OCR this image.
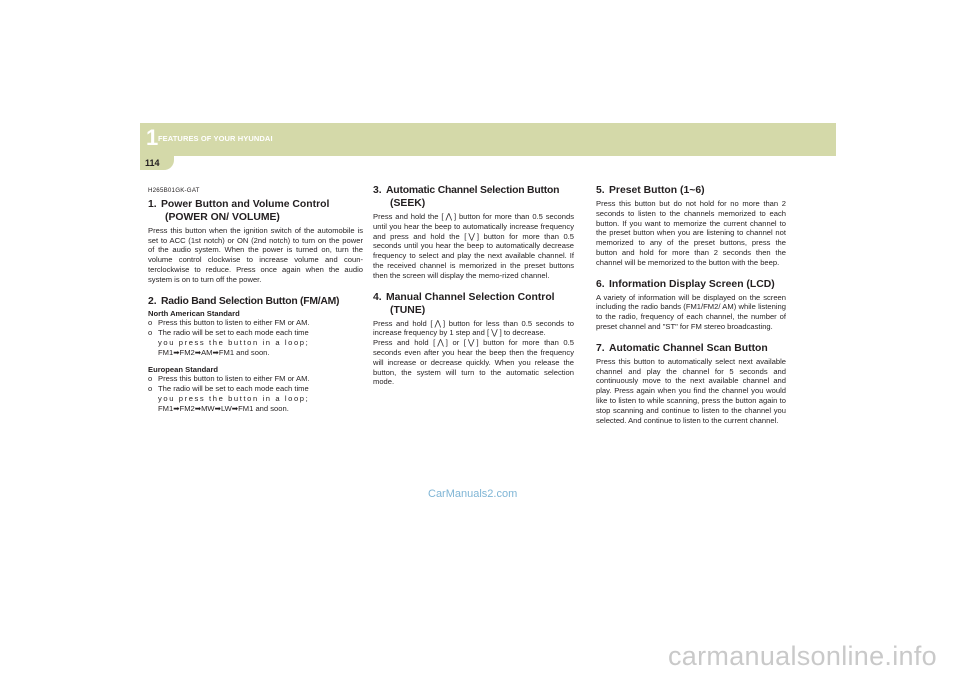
1 FEATURES OF YOUR HYUNDAI
114
H265B01GK-GAT
1. Power Button and Volume Control
(POWER ON/ VOLUME)
Press this button when the ignition switch of the automobile is set to ACC (1st notch) or ON (2nd notch) to turn on the power of the audio system. When the power is turned on, turn the volume control clockwise to increase volume and coun-terclockwise to reduce. Press once again when the audio system is on to turn off the power.
2. Radio Band Selection Button (FM/AM)
North American Standard
o Press this button to listen to either FM or AM.
o The radio will be set to each mode each time
you press the button in a loop;
FM1➡FM2➡AM➡FM1 and soon.
European Standard
o Press this button to listen to either FM or AM.
o The radio will be set to each mode each time
you press the button in a loop;
FM1➡FM2➡MW➡LW➡FM1 and soon.
3. Automatic Channel Selection Button
(SEEK)
Press and hold the [ ⋀ ] button for more than 0.5 seconds until you hear the beep to automatically increase frequency and press and hold the [ ⋁ ] button for more than 0.5 seconds until you hear the beep to automatically decrease frequency to select and play the next available channel. If the received channel is memorized in the preset buttons then the screen will display the memo-rized channel.
4. Manual Channel Selection Control
(TUNE)
Press and hold [ ⋀ ] button for less than 0.5 seconds to increase frequency by 1 step and [ ⋁ ] to decrease.
Press and hold [ ⋀ ] or [ ⋁ ] button for more than 0.5 seconds even after you hear the beep then the frequency will increase or decrease quickly. When you release the button, the system will turn to the automatic selection mode.
5. Preset Button (1~6)
Press this button but do not hold for no more than 2 seconds to listen to the channels memorized to each button. If you want to memorize the current channel to the preset button when you are listening to channel not memorized to any of the preset buttons, press the button and hold for more than 2 seconds then the channel will be memorized to the button with the beep.
6. Information Display Screen (LCD)
A variety of information will be displayed on the screen including the radio bands (FM1/FM2/ AM) while listening to the radio, frequency of each channel, the number of preset channel and "ST" for FM stereo broadcasting.
7. Automatic Channel Scan Button
Press this button to automatically select next available channel and play the channel for 5 seconds and continuously move to the next available channel and play. Press again when you find the channel you would like to listen to while scanning, press the button again to stop scanning and continue to listen to the channel you selected. And continue to listen to the current channel.
CarManuals2.com
carmanualsonline.info
